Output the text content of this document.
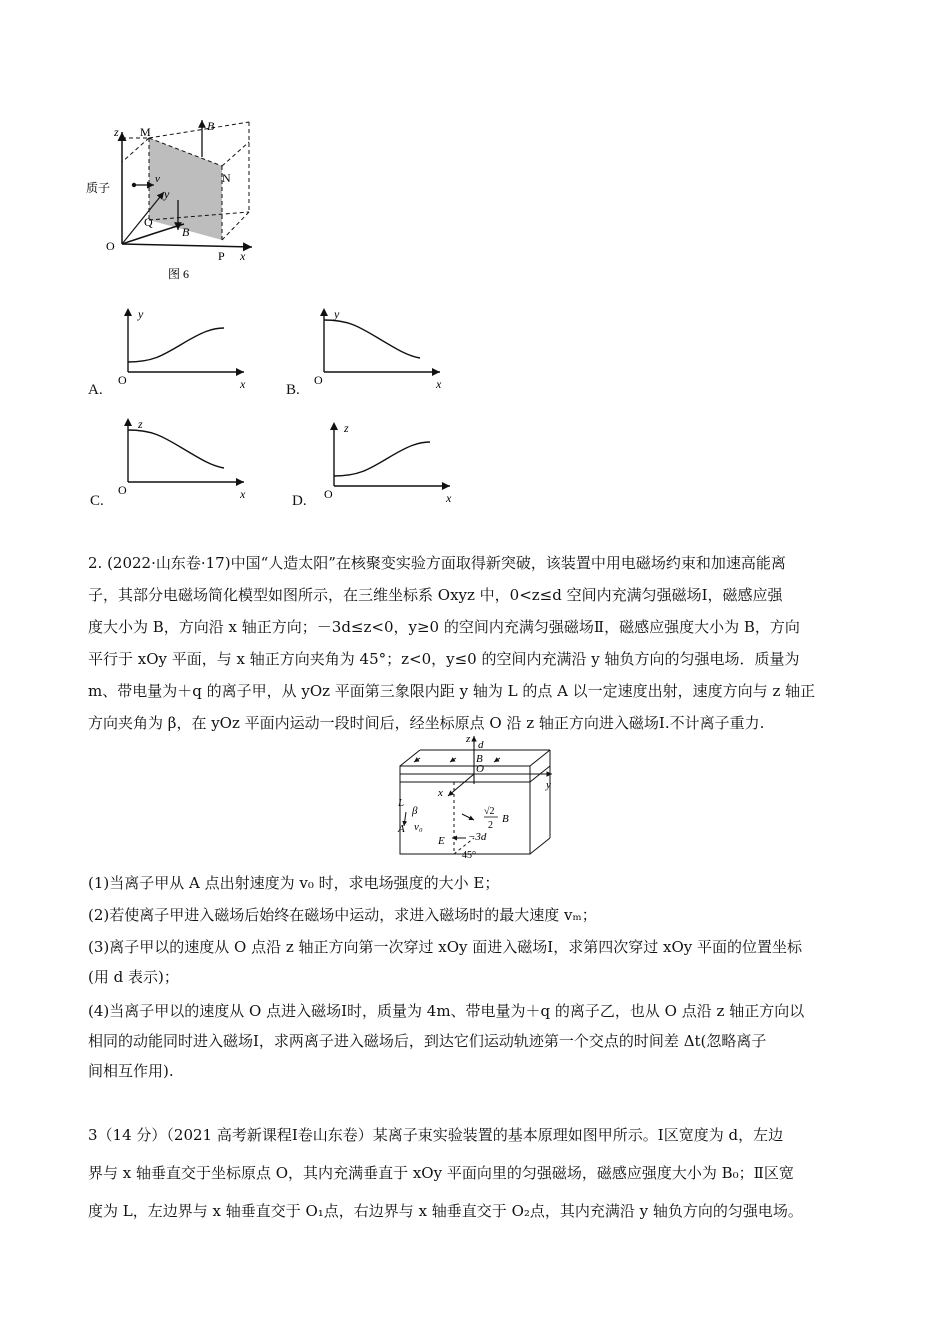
z M
N
O
P x
y
Q
B
B
v
质子
图 6
A.
y
x
O
B.
y
x
O
C.
z
x
O
D.
z
x
O
2. (2022·山东卷·17)中国“人造太阳”在核聚变实验方面取得新突破，该装置中用电磁场约束和加速高能离
子，其部分电磁场简化模型如图所示，在三维坐标系 Oxyz 中，0<z≤d 空间内充满匀强磁场Ⅰ，磁感应强
度大小为 B，方向沿 x 轴正方向；－3d≤z<0，y≥0 的空间内充满匀强磁场Ⅱ，磁感应强度大小为 B，方向
平行于 xOy 平面，与 x 轴正方向夹角为 45°；z<0，y≤0 的空间内充满沿 y 轴负方向的匀强电场．质量为
m、带电量为＋q 的离子甲，从 yOz 平面第三象限内距 y 轴为 L 的点 A 以一定速度出射，速度方向与 z 轴正
方向夹角为 β，在 yOz 平面内运动一段时间后，经坐标原点 O 沿 z 轴正方向进入磁场Ⅰ.不计离子重力.
z d
B
O
y
x
L
β
A v₀
E
√2
2
B
−3d
45°
(1)当离子甲从 A 点出射速度为 v₀ 时，求电场强度的大小 E；
(2)若使离子甲进入磁场后始终在磁场中运动，求进入磁场时的最大速度 vₘ；
(3)离子甲以的速度从 O 点沿 z 轴正方向第一次穿过 xOy 面进入磁场Ⅰ，求第四次穿过 xOy 平面的位置坐标
(用 d 表示)；
(4)当离子甲以的速度从 O 点进入磁场Ⅰ时，质量为 4m、带电量为＋q 的离子乙，也从 O 点沿 z 轴正方向以
相同的动能同时进入磁场Ⅰ，求两离子进入磁场后，到达它们运动轨迹第一个交点的时间差 Δt(忽略离子
间相互作用).
3（14 分）（2021 高考新课程Ⅰ卷山东卷）某离子束实验装置的基本原理如图甲所示。Ⅰ区宽度为 d，左边
界与 x 轴垂直交于坐标原点 O，其内充满垂直于 xOy 平面向里的匀强磁场，磁感应强度大小为 B₀；Ⅱ区宽
度为 L，左边界与 x 轴垂直交于 O₁点，右边界与 x 轴垂直交于 O₂点，其内充满沿 y 轴负方向的匀强电场。
